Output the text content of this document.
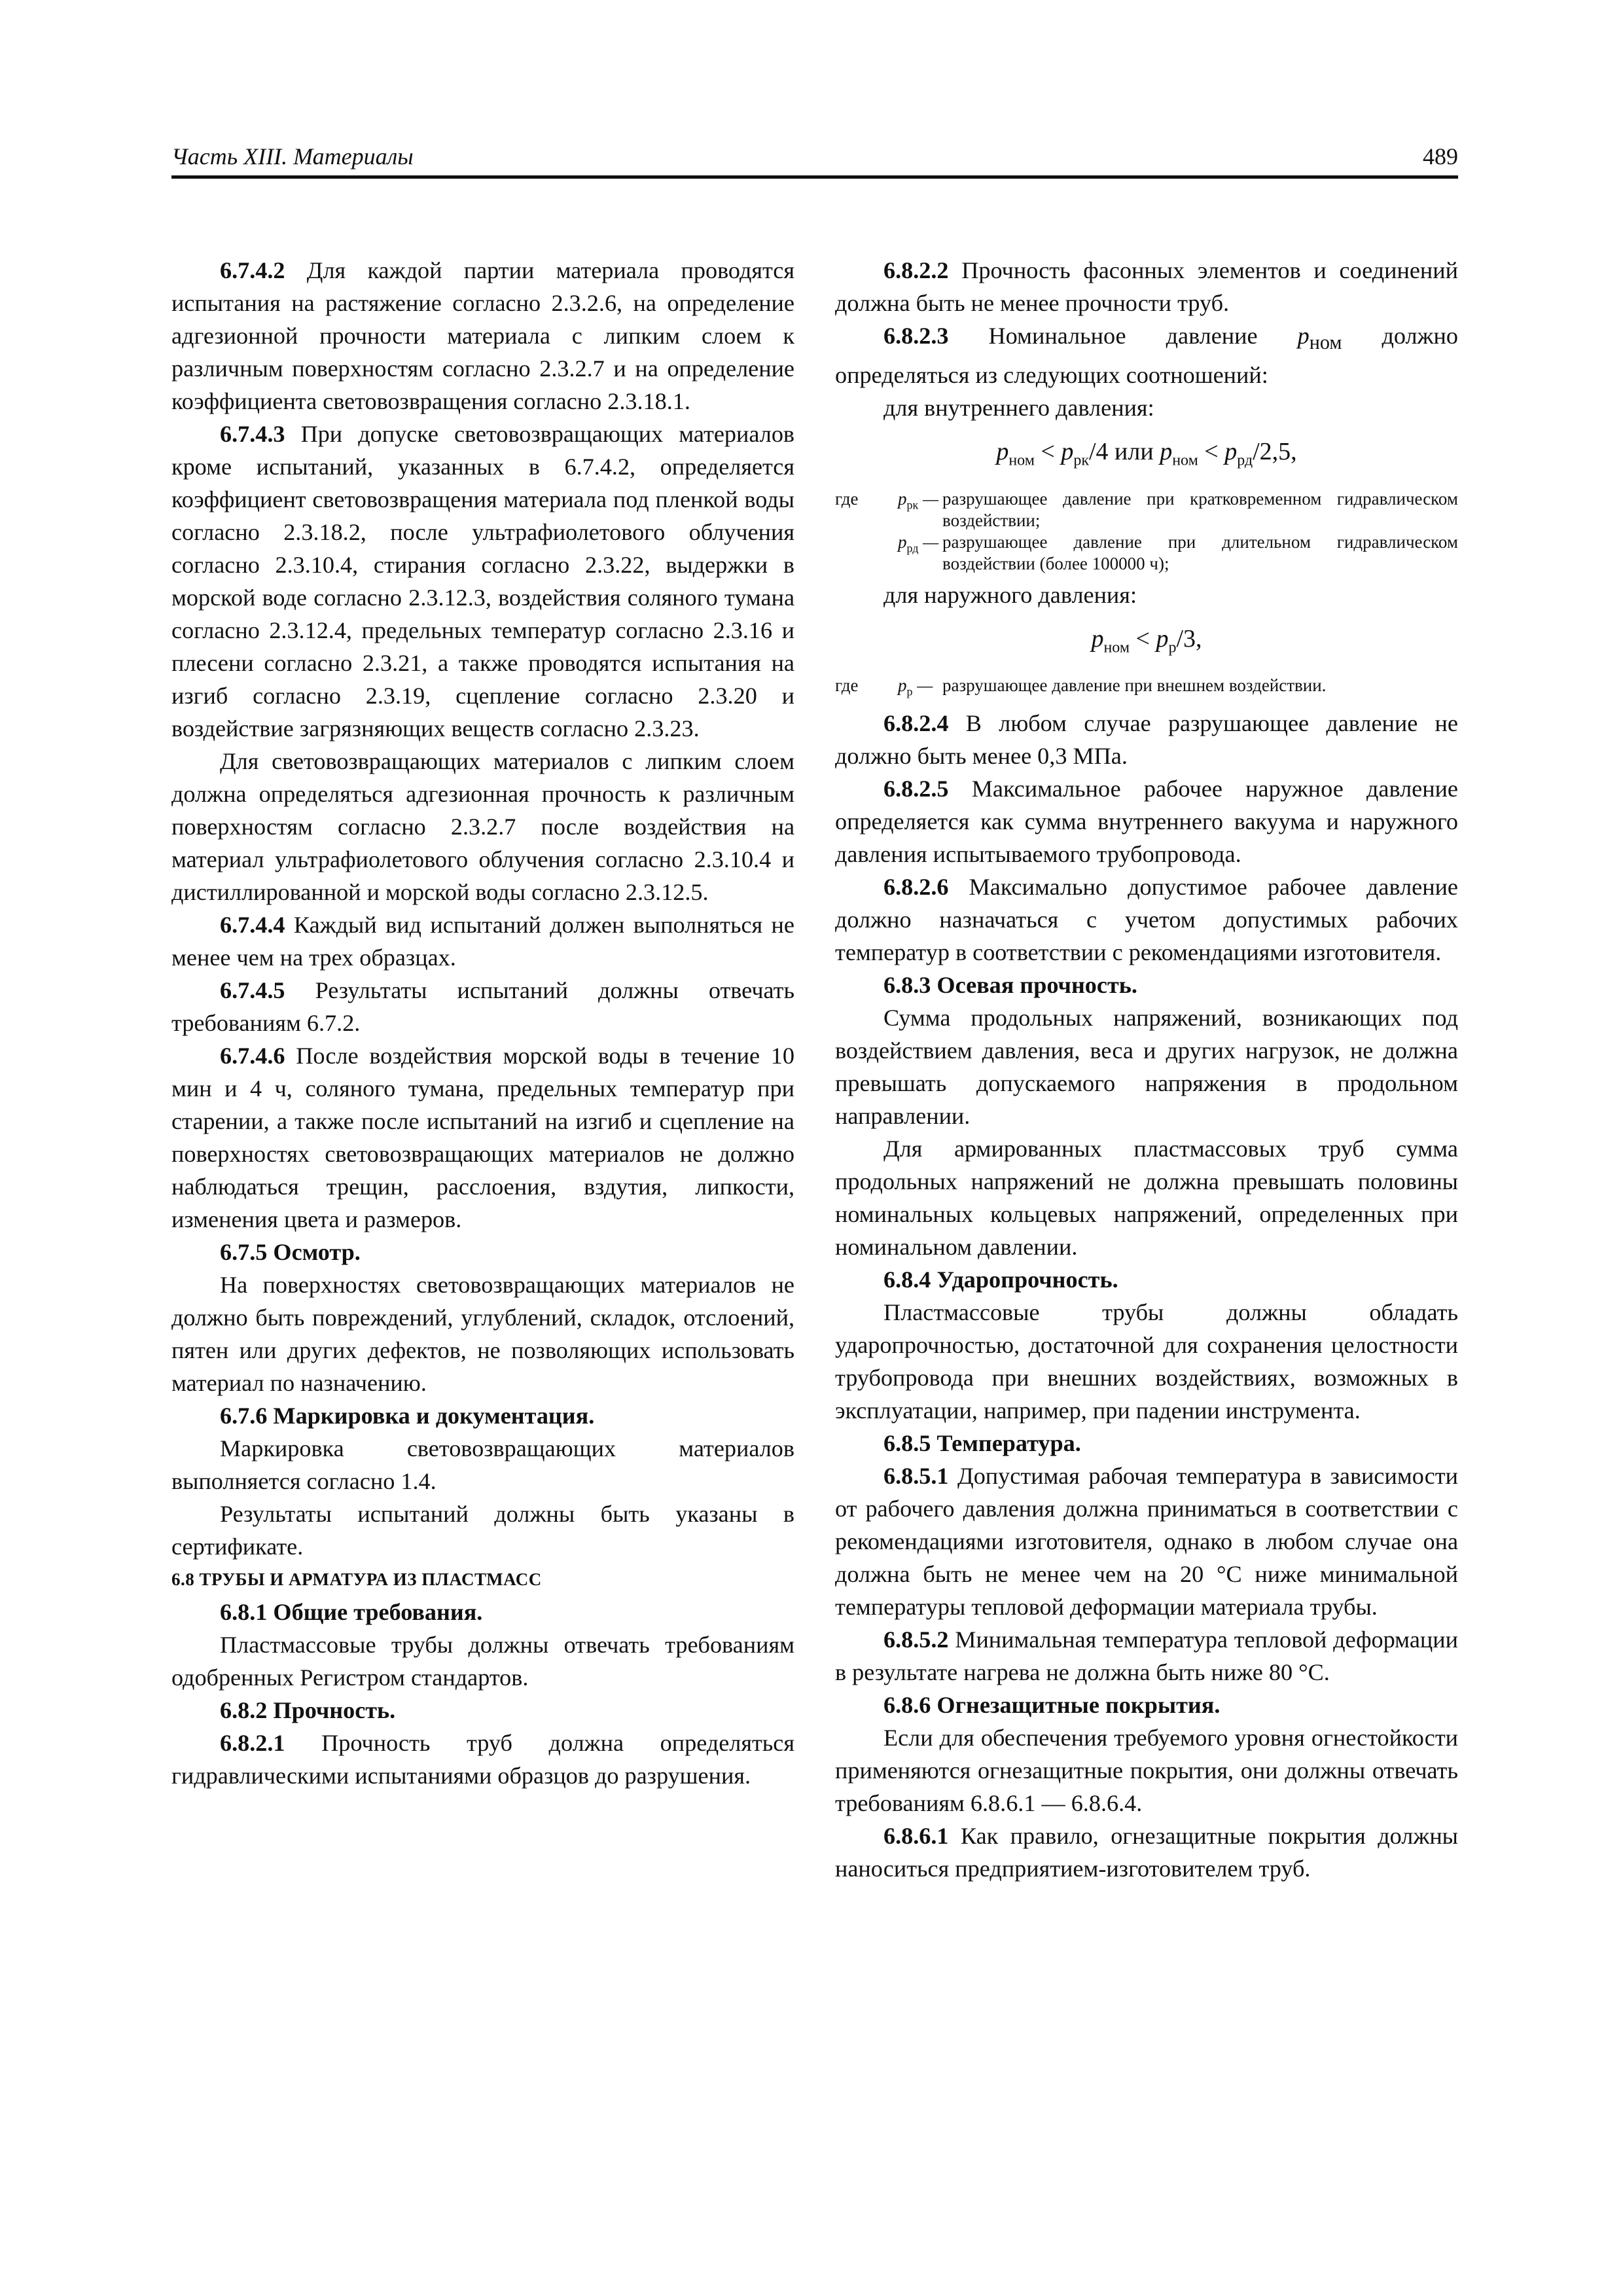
Часть XIII. Материалы	489

6.7.4.2 Для каждой партии материала проводятся испытания на растяжение согласно 2.3.2.6, на определение адгезионной прочности материала с липким слоем к различным поверхностям согласно 2.3.2.7 и на определение коэффициента световозвращения согласно 2.3.18.1.

6.7.4.3 При допуске световозвращающих материалов кроме испытаний, указанных в 6.7.4.2, определяется коэффициент световозвращения материала под пленкой воды согласно 2.3.18.2, после ультрафиолетового облучения согласно 2.3.10.4, стирания согласно 2.3.22, выдержки в морской воде согласно 2.3.12.3, воздействия соляного тумана согласно 2.3.12.4, предельных температур согласно 2.3.16 и плесени согласно 2.3.21, а также проводятся испытания на изгиб согласно 2.3.19, сцепление согласно 2.3.20 и воздействие загрязняющих веществ согласно 2.3.23.

Для световозвращающих материалов с липким слоем должна определяться адгезионная прочность к различным поверхностям согласно 2.3.2.7 после воздействия на материал ультрафиолетового облучения согласно 2.3.10.4 и дистиллированной и морской воды согласно 2.3.12.5.

6.7.4.4 Каждый вид испытаний должен выполняться не менее чем на трех образцах.

6.7.4.5 Результаты испытаний должны отвечать требованиям 6.7.2.

6.7.4.6 После воздействия морской воды в течение 10 мин и 4 ч, соляного тумана, предельных температур при старении, а также после испытаний на изгиб и сцепление на поверхностях световозвращающих материалов не должно наблюдаться трещин, расслоения, вздутия, липкости, изменения цвета и размеров.

6.7.5 Осмотр.

На поверхностях световозвращающих материалов не должно быть повреждений, углублений, складок, отслоений, пятен или других дефектов, не позволяющих использовать материал по назначению.

6.7.6 Маркировка и документация.

Маркировка световозвращающих материалов выполняется согласно 1.4.

Результаты испытаний должны быть указаны в сертификате.

6.8 ТРУБЫ И АРМАТУРА ИЗ ПЛАСТМАСС

6.8.1 Общие требования.

Пластмассовые трубы должны отвечать требованиям одобренных Регистром стандартов.

6.8.2 Прочность.

6.8.2.1 Прочность труб должна определяться гидравлическими испытаниями образцов до разрушения.

6.8.2.2 Прочность фасонных элементов и соединений должна быть не менее прочности труб.

6.8.2.3 Номинальное давление $p_{ном}$ должно определяться из следующих соотношений:

для внутреннего давления:

$p_{ном} < p_{рк}/4$ или $p_{ном} < p_{рд}/2,5$,
где $p_{рк}$ — разрушающее давление при кратковременном гидравлическом воздействии;
$p_{рд}$ — разрушающее давление при длительном гидравлическом воздействии (более 100000 ч);

для наружного давления:

$p_{ном} < p_р/3$,
где $p_р$ — разрушающее давление при внешнем воздействии.

6.8.2.4 В любом случае разрушающее давление не должно быть менее 0,3 МПа.

6.8.2.5 Максимальное рабочее наружное давление определяется как сумма внутреннего вакуума и наружного давления испытываемого трубопровода.

6.8.2.6 Максимально допустимое рабочее давление должно назначаться с учетом допустимых рабочих температур в соответствии с рекомендациями изготовителя.

6.8.3 Осевая прочность.

Сумма продольных напряжений, возникающих под воздействием давления, веса и других нагрузок, не должна превышать допускаемого напряжения в продольном направлении.

Для армированных пластмассовых труб сумма продольных напряжений не должна превышать половины номинальных кольцевых напряжений, определенных при номинальном давлении.

6.8.4 Ударопрочность.

Пластмассовые трубы должны обладать ударопрочностью, достаточной для сохранения целостности трубопровода при внешних воздействиях, возможных в эксплуатации, например, при падении инструмента.

6.8.5 Температура.

6.8.5.1 Допустимая рабочая температура в зависимости от рабочего давления должна приниматься в соответствии с рекомендациями изготовителя, однако в любом случае она должна быть не менее чем на 20 °С ниже минимальной температуры тепловой деформации материала трубы.

6.8.5.2 Минимальная температура тепловой деформации в результате нагрева не должна быть ниже 80 °С.

6.8.6 Огнезащитные покрытия.

Если для обеспечения требуемого уровня огнестойкости применяются огнезащитные покрытия, они должны отвечать требованиям 6.8.6.1 — 6.8.6.4.

6.8.6.1 Как правило, огнезащитные покрытия должны наноситься предприятием-изготовителем труб.
